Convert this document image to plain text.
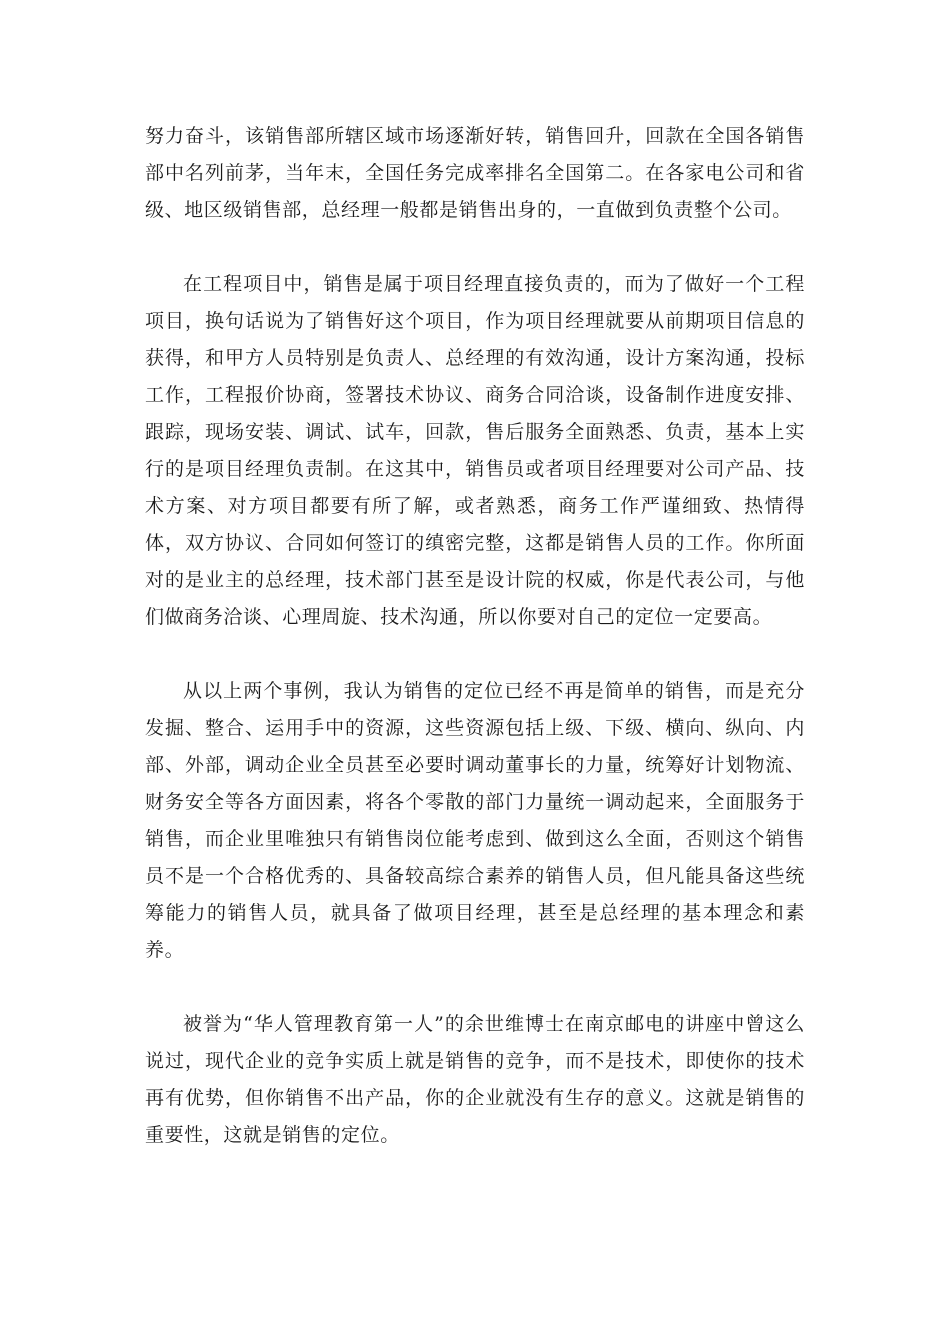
努力奋斗，该销售部所辖区域市场逐渐好转，销售回升，回款在全国各销售部中名列前茅，当年末，全国任务完成率排名全国第二。在各家电公司和省级、地区级销售部，总经理一般都是销售出身的，一直做到负责整个公司。

在工程项目中，销售是属于项目经理直接负责的，而为了做好一个工程项目，换句话说为了销售好这个项目，作为项目经理就要从前期项目信息的获得，和甲方人员特别是负责人、总经理的有效沟通，设计方案沟通，投标工作，工程报价协商，签署技术协议、商务合同洽谈，设备制作进度安排、跟踪，现场安装、调试、试车，回款，售后服务全面熟悉、负责，基本上实行的是项目经理负责制。在这其中，销售员或者项目经理要对公司产品、技术方案、对方项目都要有所了解，或者熟悉，商务工作严谨细致、热情得体，双方协议、合同如何签订的缜密完整，这都是销售人员的工作。你所面对的是业主的总经理，技术部门甚至是设计院的权威，你是代表公司，与他们做商务洽谈、心理周旋、技术沟通，所以你要对自己的定位一定要高。

从以上两个事例，我认为销售的定位已经不再是简单的销售，而是充分发掘、整合、运用手中的资源，这些资源包括上级、下级、横向、纵向、内部、外部，调动企业全员甚至必要时调动董事长的力量，统筹好计划物流、财务安全等各方面因素，将各个零散的部门力量统一调动起来，全面服务于销售，而企业里唯独只有销售岗位能考虑到、做到这么全面，否则这个销售员不是一个合格优秀的、具备较高综合素养的销售人员，但凡能具备这些统筹能力的销售人员，就具备了做项目经理，甚至是总经理的基本理念和素养。

被誉为“华人管理教育第一人”的余世维博士在南京邮电的讲座中曾这么说过，现代企业的竞争实质上就是销售的竞争，而不是技术，即使你的技术再有优势，但你销售不出产品，你的企业就没有生存的意义。这就是销售的重要性，这就是销售的定位。
